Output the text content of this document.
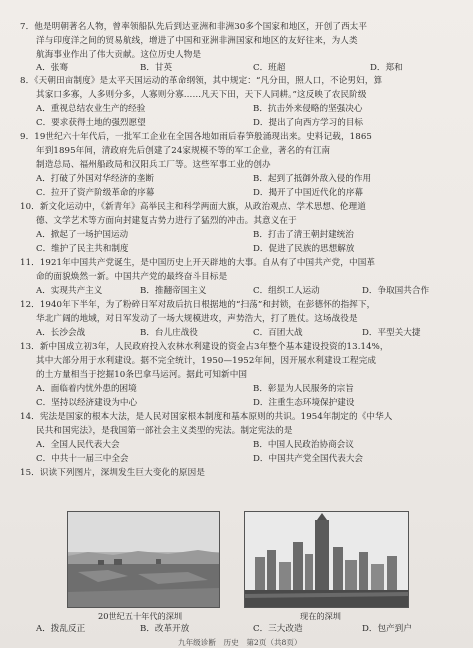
7．他是明朝著名人物，曾率领船队先后到达亚洲和非洲30多个国家和地区，开创了西太平
洋与印度洋之间的贸易航线，增进了中国和亚洲非洲国家和地区的友好往来，为人类
航海事业作出了伟大贡献。这位历史人物是
A．张骞	B．甘英	C．班超	D．郑和
8．《天朝田亩制度》是太平天国运动的革命纲领，其中规定：“凡分田，照人口，不论男妇，算
其家口多寡，人多则分多，人寡则分寡……凡天下田，天下人同耕。”这反映了农民阶级
A．重视总结农业生产的经验	B．抗击外来侵略的坚强决心
C．要求获得土地的强烈愿望	D．提出了向西方学习的目标
9．19世纪六十年代后，一批军工企业在全国各地如雨后春笋般涌现出来。史料记载，1865
年到1895年间，清政府先后创建了24家规模不等的军工企业，著名的有江南
制造总局、福州船政局和汉阳兵工厂等。这些军事工业的创办
A．打破了外国对华经济的垄断	B．起到了抵御外敌入侵的作用
C．拉开了资产阶级革命的序幕	D．揭开了中国近代化的序幕
10．新文化运动中，《新青年》高举民主和科学两面大旗，从政治观点、学术思想、伦理道
德、文学艺术等方面向封建复古势力进行了猛烈的冲击。其意义在于
A．掀起了一场护国运动	B．打击了清王朝封建统治
C．维护了民主共和制度	D．促进了民族的思想解放
11．1921年中国共产党诞生，是中国历史上开天辟地的大事。自从有了中国共产党，中国革
命的面貌焕然一新。中国共产党的最终奋斗目标是
A．实现共产主义	B．推翻帝国主义	C．组织工人运动	D．争取国共合作
12．1940年下半年，为了粉碎日军对敌后抗日根据地的“扫荡”和封锁，在彭德怀的指挥下，
华北广阔的地域，对日军发动了一场大规模进攻，声势浩大，打了胜仗。这场战役是
A．长沙会战	B．台儿庄战役	C．百团大战	D．平型关大捷
13．新中国成立初3年，人民政府投入农林水利建设的资金占3年整个基本建设投资的13.14%，
其中大部分用于水利建设。据不完全统计，1950—1952年间，因开展水利建设工程完成
的土方量相当于挖掘10条巴拿马运河。据此可知新中国
A．面临着内忧外患的困境	B．彰显为人民服务的宗旨
C．坚持以经济建设为中心	D．注重生态环境保护建设
14．宪法是国家的根本大法，是人民对国家根本制度和基本原则的共识。1954年制定的《中华人
民共和国宪法》，是我国第一部社会主义类型的宪法。制定宪法的是
A．全国人民代表大会	B．中国人民政治协商会议
C．中共十一届三中全会	D．中国共产党全国代表大会
15．识读下列图片，深圳发生巨大变化的原因是
20世纪五十年代的深圳	现在的深圳
A．拨乱反正	B．改革开放	C．三大改造	D．包产到户
九年级诊断　历史　第2页（共8页）
